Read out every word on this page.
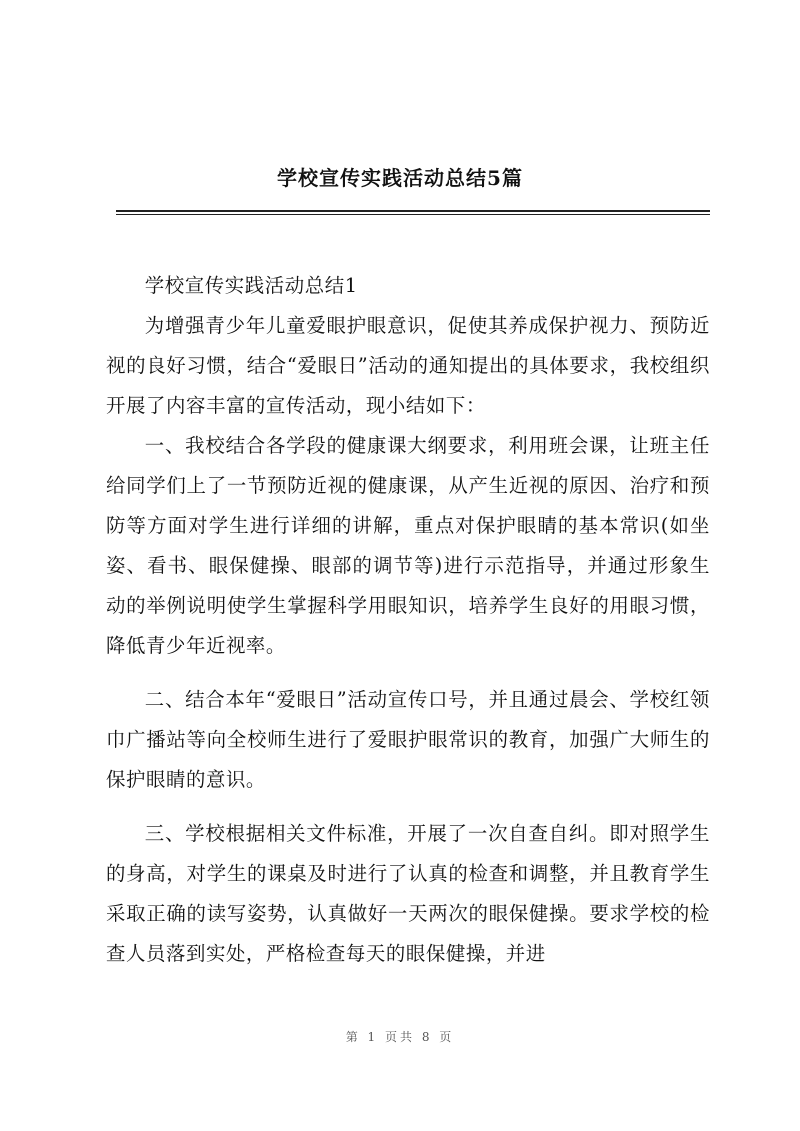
学校宣传实践活动总结5篇

学校宣传实践活动总结1

为增强青少年儿童爱眼护眼意识，促使其养成保护视力、预防近视的良好习惯，结合“爱眼日”活动的通知提出的具体要求，我校组织开展了内容丰富的宣传活动，现小结如下：

一、我校结合各学段的健康课大纲要求，利用班会课，让班主任给同学们上了一节预防近视的健康课，从产生近视的原因、治疗和预防等方面对学生进行详细的讲解，重点对保护眼睛的基本常识(如坐姿、看书、眼保健操、眼部的调节等)进行示范指导，并通过形象生动的举例说明使学生掌握科学用眼知识，培养学生良好的用眼习惯，降低青少年近视率。

二、结合本年“爱眼日”活动宣传口号，并且通过晨会、学校红领巾广播站等向全校师生进行了爱眼护眼常识的教育，加强广大师生的保护眼睛的意识。

三、学校根据相关文件标准，开展了一次自查自纠。即对照学生的身高，对学生的课桌及时进行了认真的检查和调整，并且教育学生采取正确的读写姿势，认真做好一天两次的眼保健操。要求学校的检查人员落到实处，严格检查每天的眼保健操，并进

第 1 页共 8 页
